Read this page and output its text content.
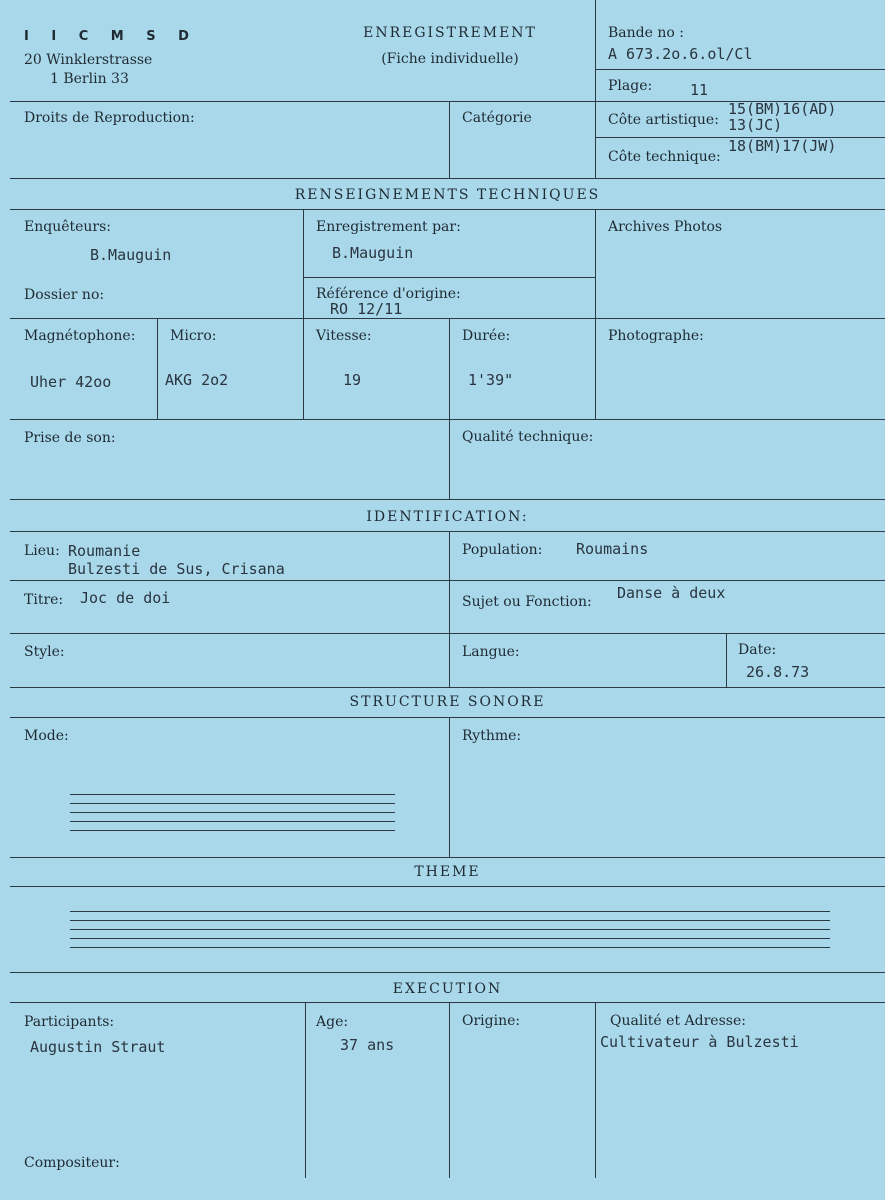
I I C M S D
20 Winklerstrasse
1 Berlin 33
ENREGISTREMENT
(Fiche individuelle)
Bande no :
A 673.2o.6.ol/Cl
Plage:	11
Droits de Reproduction:	Catégorie	Côte artistique:
15(BM)16(AD)
13(JC)
Côte technique:
18(BM)17(JW)
RENSEIGNEMENTS TECHNIQUES
Enquêteurs:
B.Mauguin
Enregistrement par:
B.Mauguin
Archives Photos
Dossier no:	Référence d'origine:
RO 12/11
Magnétophone:
Uher 42oo
Micro:
AKG 2o2
Vitesse:
19
Durée:
1'39"
Photographe:
Prise de son:	Qualité technique:
IDENTIFICATION:
Lieu: Roumanie
Bulzesti de Sus, Crisana
Population: Roumains
Titre: Joc de doi	Sujet ou Fonction: Danse à deux
Style:	Langue:	Date:
26.8.73
STRUCTURE SONORE
Mode:	Rythme:
THEME
EXECUTION
Participants:
Augustin Straut
Age:
37 ans
Origine:	Qualité et Adresse:
Cultivateur à Bulzesti
Compositeur:
